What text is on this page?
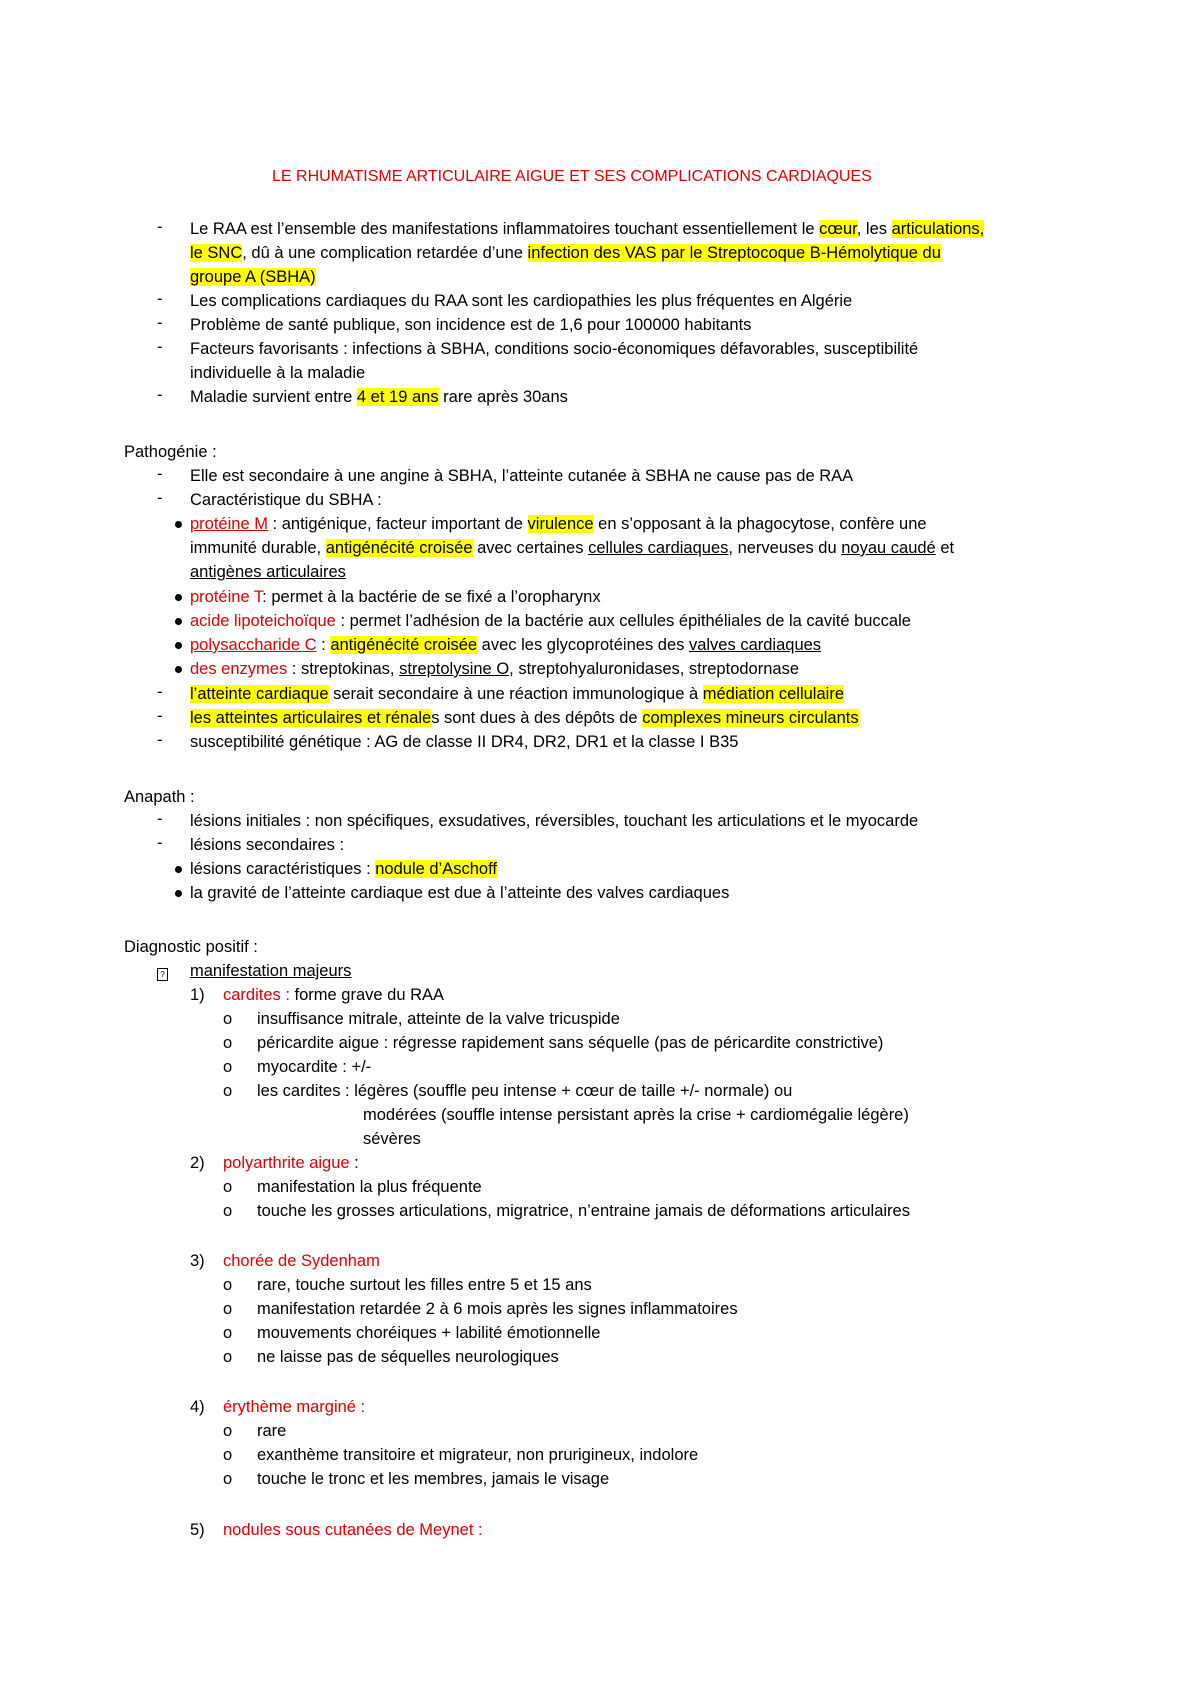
LE RHUMATISME ARTICULAIRE AIGUE ET SES COMPLICATIONS CARDIAQUES
- Le RAA est l’ensemble des manifestations inflammatoires touchant essentiellement le cœur, les articulations,
le SNC, dû à une complication retardée d’une infection des VAS par le Streptocoque B-Hémolytique du
groupe A (SBHA)
- Les complications cardiaques du RAA sont les cardiopathies les plus fréquentes en Algérie
- Problème de santé publique, son incidence est de 1,6 pour 100000 habitants
- Facteurs favorisants : infections à SBHA, conditions socio-économiques défavorables, susceptibilité
individuelle à la maladie
- Maladie survient entre 4 et 19 ans rare après 30ans
Pathogénie :
- Elle est secondaire à une angine à SBHA, l’atteinte cutanée à SBHA ne cause pas de RAA
- Caractéristique du SBHA :
protéine M : antigénique, facteur important de virulence en s’opposant à la phagocytose, confère une
immunité durable, antigénécité croisée avec certaines cellules cardiaques, nerveuses du noyau caudé et
antigènes articulaires
protéine T: permet à la bactérie de se fixé a l’oropharynx
acide lipoteichoïque : permet l’adhésion de la bactérie aux cellules épithéliales de la cavité buccale
polysaccharide C : antigénécité croisée avec les glycoprotéines des valves cardiaques
des enzymes : streptokinas, streptolysine O, streptohyaluronidases, streptodornase
- l’atteinte cardiaque serait secondaire à une réaction immunologique à médiation cellulaire
- les atteintes articulaires et rénales sont dues à des dépôts de complexes mineurs circulants
- susceptibilité génétique : AG de classe II DR4, DR2, DR1 et la classe I B35
Anapath :
- lésions initiales : non spécifiques, exsudatives, réversibles, touchant les articulations et le myocarde
- lésions secondaires :
lésions caractéristiques : nodule d’Aschoff
la gravité de l’atteinte cardiaque est due à l’atteinte des valves cardiaques
Diagnostic positif :
? manifestation majeurs
1) cardites : forme grave du RAA
o insuffisance mitrale, atteinte de la valve tricuspide
o péricardite aigue : régresse rapidement sans séquelle (pas de péricardite constrictive)
o myocardite : +/-
o les cardites : légères (souffle peu intense + cœur de taille +/- normale) ou
modérées (souffle intense persistant après la crise + cardiomégalie légère)
sévères
2) polyarthrite aigue :
o manifestation la plus fréquente
o touche les grosses articulations, migratrice, n’entraine jamais de déformations articulaires
3) chorée de Sydenham
o rare, touche surtout les filles entre 5 et 15 ans
o manifestation retardée 2 à 6 mois après les signes inflammatoires
o mouvements choréiques + labilité émotionnelle
o ne laisse pas de séquelles neurologiques
4) érythème marginé :
o rare
o exanthème transitoire et migrateur, non prurigineux, indolore
o touche le tronc et les membres, jamais le visage
5) nodules sous cutanées de Meynet :
